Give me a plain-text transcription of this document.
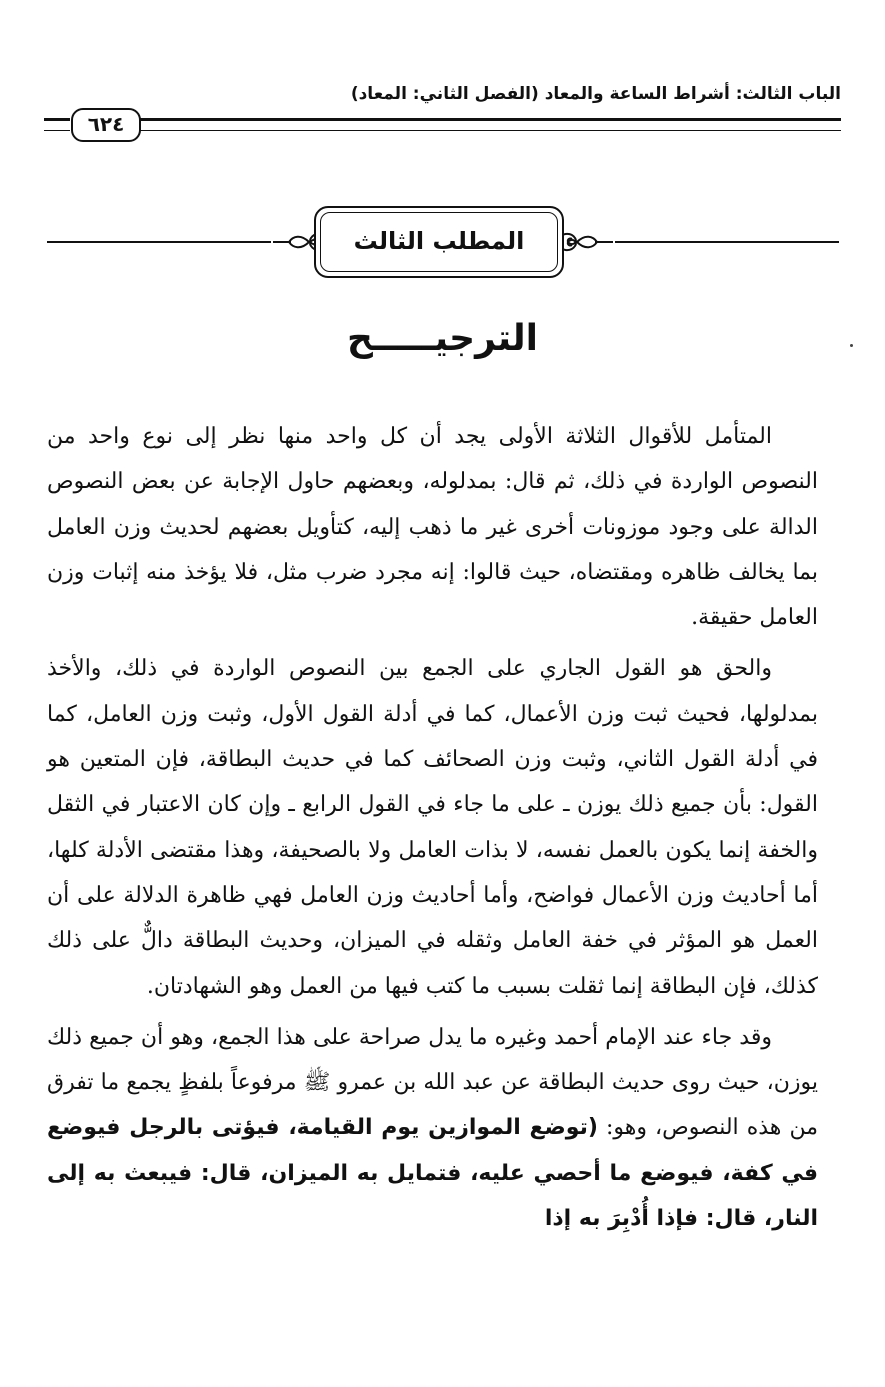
الباب الثالث: أشراط الساعة والمعاد (الفصل الثاني: المعاد)
٦٢٤
المطلب الثالث
الترجيـــــح

المتأمل للأقوال الثلاثة الأولى يجد أن كل واحد منها نظر إلى نوع واحد من النصوص الواردة في ذلك، ثم قال: بمدلوله، وبعضهم حاول الإجابة عن بعض النصوص الدالة على وجود موزونات أخرى غير ما ذهب إليه، كتأويل بعضهم لحديث وزن العامل بما يخالف ظاهره ومقتضاه، حيث قالوا: إنه مجرد ضرب مثل، فلا يؤخذ منه إثبات وزن العامل حقيقة.

والحق هو القول الجاري على الجمع بين النصوص الواردة في ذلك، والأخذ بمدلولها، فحيث ثبت وزن الأعمال، كما في أدلة القول الأول، وثبت وزن العامل، كما في أدلة القول الثاني، وثبت وزن الصحائف كما في حديث البطاقة، فإن المتعين هو القول: بأن جميع ذلك يوزن ـ على ما جاء في القول الرابع ـ وإن كان الاعتبار في الثقل والخفة إنما يكون بالعمل نفسه، لا بذات العامل ولا بالصحيفة، وهذا مقتضى الأدلة كلها، أما أحاديث وزن الأعمال فواضح، وأما أحاديث وزن العامل فهي ظاهرة الدلالة على أن العمل هو المؤثر في خفة العامل وثقله في الميزان، وحديث البطاقة دالٌّ على ذلك كذلك، فإن البطاقة إنما ثقلت بسبب ما كتب فيها من العمل وهو الشهادتان.

وقد جاء عند الإمام أحمد وغيره ما يدل صراحة على هذا الجمع، وهو أن جميع ذلك يوزن، حيث روى حديث البطاقة عن عبد الله بن عمرو ﷺ مرفوعاً بلفظٍ يجمع ما تفرق من هذه النصوص، وهو: (توضع الموازين يوم القيامة، فيؤتى بالرجل فيوضع في كفة، فيوضع ما أحصي عليه، فتمايل به الميزان، قال: فيبعث به إلى النار، قال: فإذا أُدْبِرَ به إذا
